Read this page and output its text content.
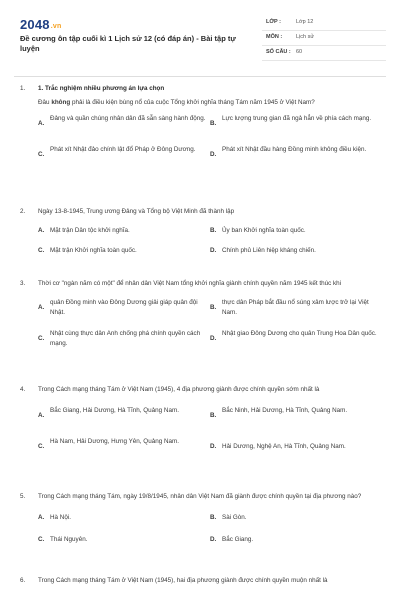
2048.vn
Đề cương ôn tập cuối kì 1 Lịch sử 12 (có đáp án) - Bài tập tự luyện
LỚP :	Lớp 12
MÔN :	Lịch sử
SỐ CÂU : 60
1. 1. Trắc nghiệm nhiều phương án lựa chọn
Đâu không phải là điều kiện bùng nổ của cuộc Tổng khởi nghĩa tháng Tám năm 1945 ở Việt Nam?
A.
Đảng và quần chúng nhân dân đã sẵn sàng hành động.
B.
Lực lượng trung gian đã ngả hẳn về phía cách mạng.
C.
Phát xít Nhật đảo chính lật đổ Pháp ở Đông Dương.
D.
Phát xít Nhật đầu hàng Đồng minh không điều kiện.
2. Ngày 13-8-1945, Trung ương Đảng và Tổng bộ Việt Minh đã thành lập
A. Mặt trận Dân tộc khởi nghĩa.	B. Ủy ban Khởi nghĩa toàn quốc.
C. Mặt trận Khởi nghĩa toàn quốc.	D. Chính phủ Liên hiệp kháng chiến.
3. Thời cơ "ngàn năm có một" để nhân dân Việt Nam tổng khởi nghĩa giành chính quyền năm 1945 kết thúc khi
A.
quân Đồng minh vào Đông Dương giải giáp quân đội Nhật.
B.
thực dân Pháp bắt đầu nổ súng xâm lược trở lại Việt Nam.
C.
Nhật cùng thực dân Anh chống phá chính quyền cách mạng.
D.
Nhật giao Đông Dương cho quân Trung Hoa Dân quốc.
4. Trong Cách mạng tháng Tám ở Việt Nam (1945), 4 địa phương giành được chính quyền sớm nhất là
A.
Bắc Giang, Hải Dương, Hà Tĩnh, Quảng Nam.
B.
Bắc Ninh, Hải Dương, Hà Tĩnh, Quảng Nam.
C.
Hà Nam, Hải Dương, Hưng Yên, Quảng Nam.
D. Hải Dương, Nghệ An, Hà Tĩnh, Quảng Nam.
5. Trong Cách mạng tháng Tám, ngày 19/8/1945, nhân dân Việt Nam đã giành được chính quyền tại địa phương nào?
A. Hà Nội.	B. Sài Gòn.
C. Thái Nguyên.	D. Bắc Giang.
6. Trong Cách mạng tháng Tám ở Việt Nam (1945), hai địa phương giành được chính quyền muộn nhất là
